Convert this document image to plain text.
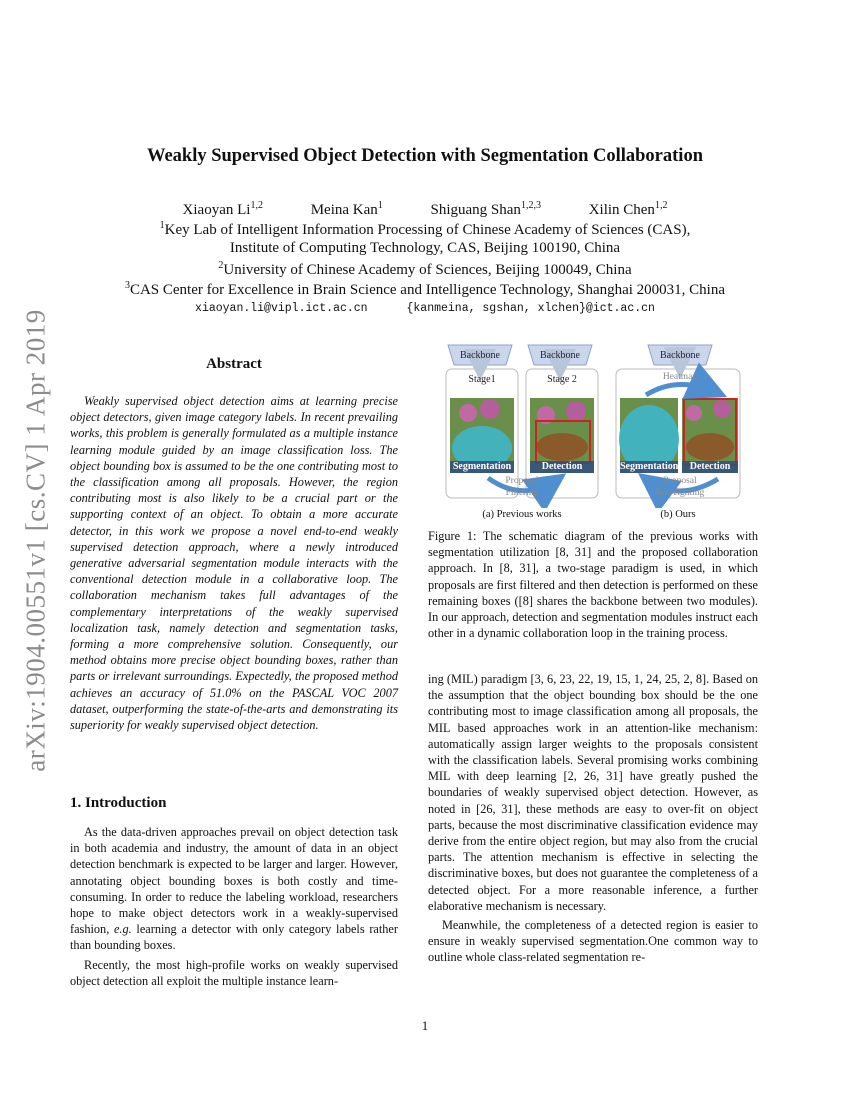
arXiv:1904.00551v1 [cs.CV] 1 Apr 2019
Weakly Supervised Object Detection with Segmentation Collaboration
Xiaoyan Li$^{1,2}$	Meina Kan$^1$	Shiguang Shan$^{1,2,3}$	Xilin Chen$^{1,2}$
$^1$Key Lab of Intelligent Information Processing of Chinese Academy of Sciences (CAS),
Institute of Computing Technology, CAS, Beijing 100190, China
$^2$University of Chinese Academy of Sciences, Beijing 100049, China
$^3$CAS Center for Excellence in Brain Science and Intelligence Technology, Shanghai 200031, China
xiaoyan.li@vipl.ict.ac.cn	{kanmeina, sgshan, xlchen}@ict.ac.cn
Abstract

Weakly supervised object detection aims at learning precise object detectors, given image category labels. In recent prevailing works, this problem is generally formulated as a multiple instance learning module guided by an image classification loss. The object bounding box is assumed to be the one contributing most to the classification among all proposals. However, the region contributing most is also likely to be a crucial part or the supporting context of an object. To obtain a more accurate detector, in this work we propose a novel end-to-end weakly supervised detection approach, where a newly introduced generative adversarial segmentation module interacts with the conventional detection module in a collaborative loop. The collaboration mechanism takes full advantages of the complementary interpretations of the weakly supervised localization task, namely detection and segmentation tasks, forming a more comprehensive solution. Consequently, our method obtains more precise object bounding boxes, rather than parts or irrelevant surroundings. Expectedly, the proposed method achieves an accuracy of 51.0% on the PASCAL VOC 2007 dataset, outperforming the state-of-the-arts and demonstrating its superiority for weakly supervised object detection.

1. Introduction

As the data-driven approaches prevail on object detection task in both academia and industry, the amount of data in an object detection benchmark is expected to be larger and larger. However, annotating object bounding boxes is both costly and time-consuming. In order to reduce the labeling workload, researchers hope to make object detectors work in a weakly-supervised fashion, e.g. learning a detector with only category labels rather than bounding boxes.

Recently, the most high-profile works on weakly supervised object detection all exploit the multiple instance learn-

Backbone	Backbone	Backbone
Stage1	Stage 2	Heatmap
Segmentation	Detection	Segmentation	Detection
Proposal
Filtering
Proposal
Reweighting
(a) Previous works	(b) Ours

Figure 1: The schematic diagram of the previous works with segmentation utilization [8, 31] and the proposed collaboration approach. In [8, 31], a two-stage paradigm is used, in which proposals are first filtered and then detection is performed on these remaining boxes ([8] shares the backbone between two modules). In our approach, detection and segmentation modules instruct each other in a dynamic collaboration loop in the training process.

ing (MIL) paradigm [3, 6, 23, 22, 19, 15, 1, 24, 25, 2, 8]. Based on the assumption that the object bounding box should be the one contributing most to image classification among all proposals, the MIL based approaches work in an attention-like mechanism: automatically assign larger weights to the proposals consistent with the classification labels. Several promising works combining MIL with deep learning [2, 26, 31] have greatly pushed the boundaries of weakly supervised object detection. However, as noted in [26, 31], these methods are easy to over-fit on object parts, because the most discriminative classification evidence may derive from the entire object region, but may also from the crucial parts. The attention mechanism is effective in selecting the discriminative boxes, but does not guarantee the completeness of a detected object. For a more reasonable inference, a further elaborative mechanism is necessary.

Meanwhile, the completeness of a detected region is easier to ensure in weakly supervised segmentation.One common way to outline whole class-related segmentation re-

1
